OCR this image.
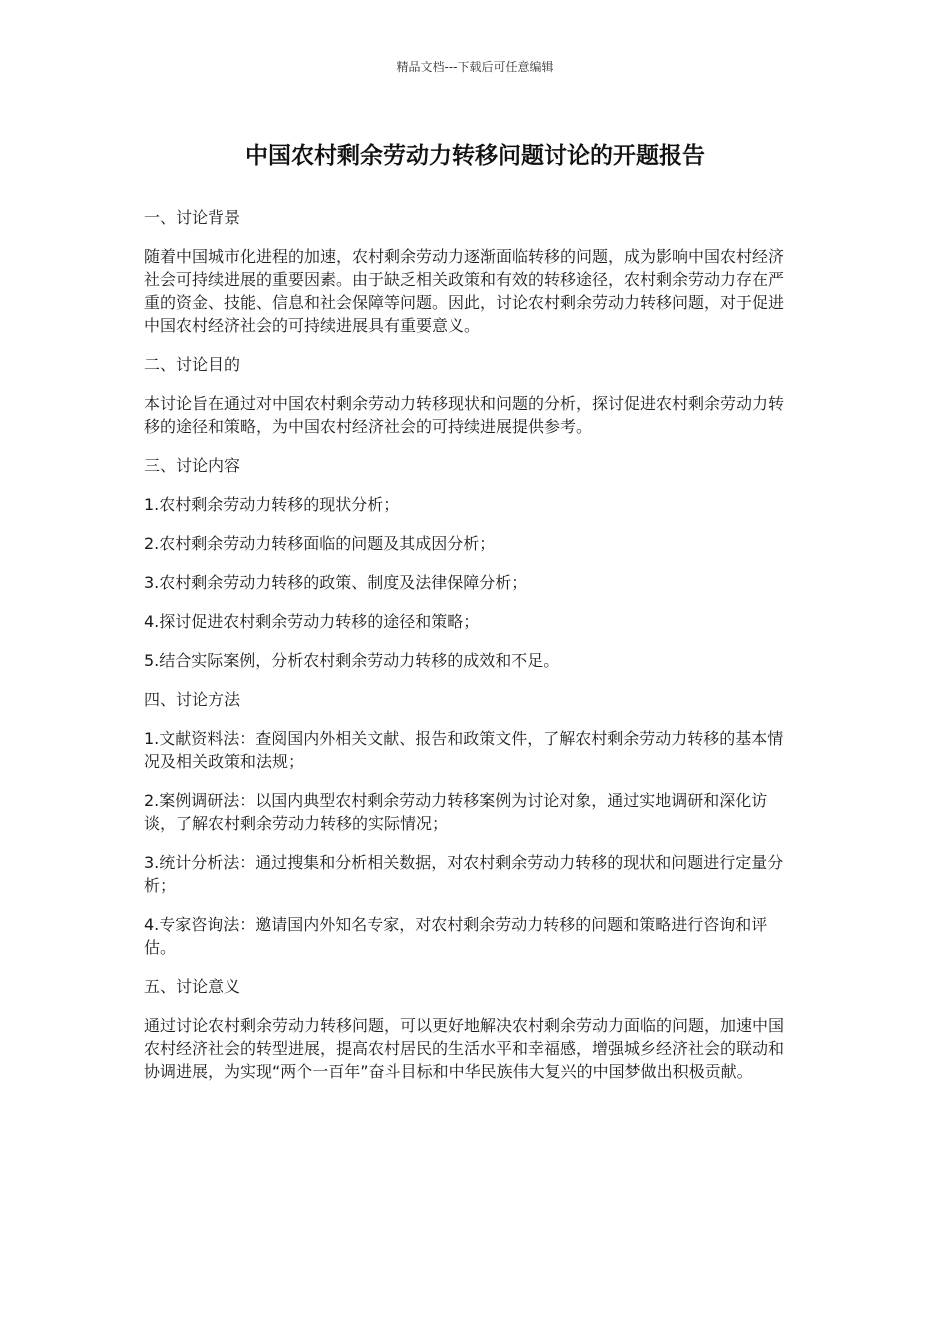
精品文档---下载后可任意编辑
中国农村剩余劳动力转移问题讨论的开题报告

一、讨论背景

随着中国城市化进程的加速，农村剩余劳动力逐渐面临转移的问题，成为影响中国农村经济社会可持续进展的重要因素。由于缺乏相关政策和有效的转移途径，农村剩余劳动力存在严重的资金、技能、信息和社会保障等问题。因此，讨论农村剩余劳动力转移问题，对于促进中国农村经济社会的可持续进展具有重要意义。

二、讨论目的

本讨论旨在通过对中国农村剩余劳动力转移现状和问题的分析，探讨促进农村剩余劳动力转移的途径和策略，为中国农村经济社会的可持续进展提供参考。

三、讨论内容

1.农村剩余劳动力转移的现状分析；

2.农村剩余劳动力转移面临的问题及其成因分析；

3.农村剩余劳动力转移的政策、制度及法律保障分析；

4.探讨促进农村剩余劳动力转移的途径和策略；

5.结合实际案例，分析农村剩余劳动力转移的成效和不足。

四、讨论方法

1.文献资料法：查阅国内外相关文献、报告和政策文件，了解农村剩余劳动力转移的基本情况及相关政策和法规；

2.案例调研法：以国内典型农村剩余劳动力转移案例为讨论对象，通过实地调研和深化访谈，了解农村剩余劳动力转移的实际情况；

3.统计分析法：通过搜集和分析相关数据，对农村剩余劳动力转移的现状和问题进行定量分析；

4.专家咨询法：邀请国内外知名专家，对农村剩余劳动力转移的问题和策略进行咨询和评估。

五、讨论意义

通过讨论农村剩余劳动力转移问题，可以更好地解决农村剩余劳动力面临的问题，加速中国农村经济社会的转型进展，提高农村居民的生活水平和幸福感，增强城乡经济社会的联动和协调进展，为实现“两个一百年”奋斗目标和中华民族伟大复兴的中国梦做出积极贡献。
